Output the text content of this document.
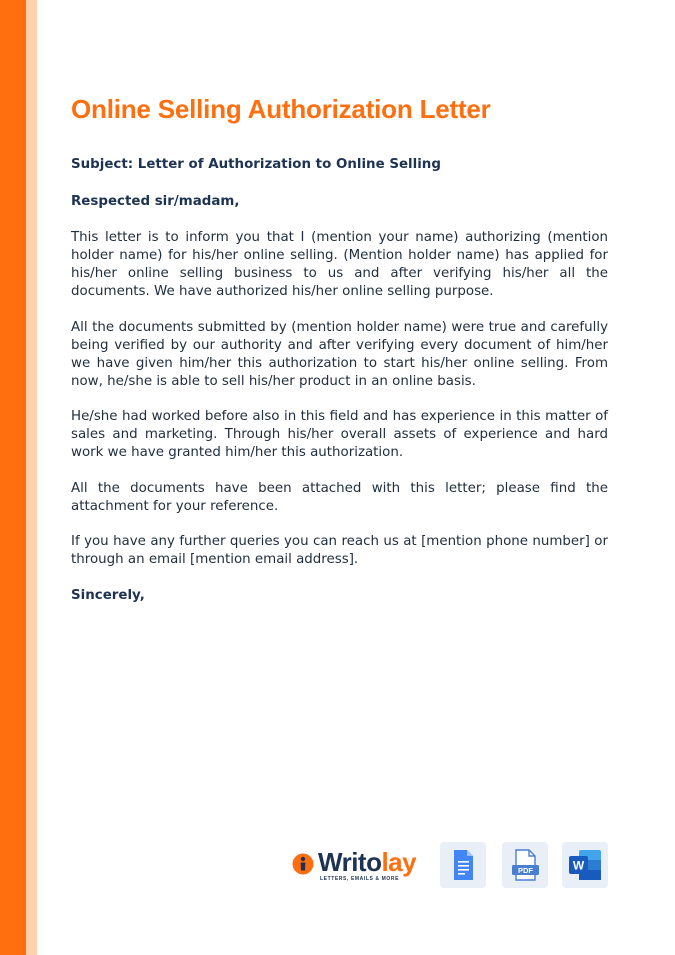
Online Selling Authorization Letter

Subject: Letter of Authorization to Online Selling

Respected sir/madam,

This letter is to inform you that I (mention your name) authorizing (mention holder name) for his/her online selling. (Mention holder name) has applied for his/her online selling business to us and after verifying his/her all the documents. We have authorized his/her online selling purpose.

All the documents submitted by (mention holder name) were true and carefully being verified by our authority and after verifying every document of him/her we have given him/her this authorization to start his/her online selling. From now, he/she is able to sell his/her product in an online basis.

He/she had worked before also in this field and has experience in this matter of sales and marketing. Through his/her overall assets of experience and hard work we have granted him/her this authorization.

All the documents have been attached with this letter; please find the attachment for your reference.

If you have any further queries you can reach us at [mention phone number] or through an email [mention email address].

Sincerely,

Writolay
LETTERS, EMAILS & MORE
PDF	W
